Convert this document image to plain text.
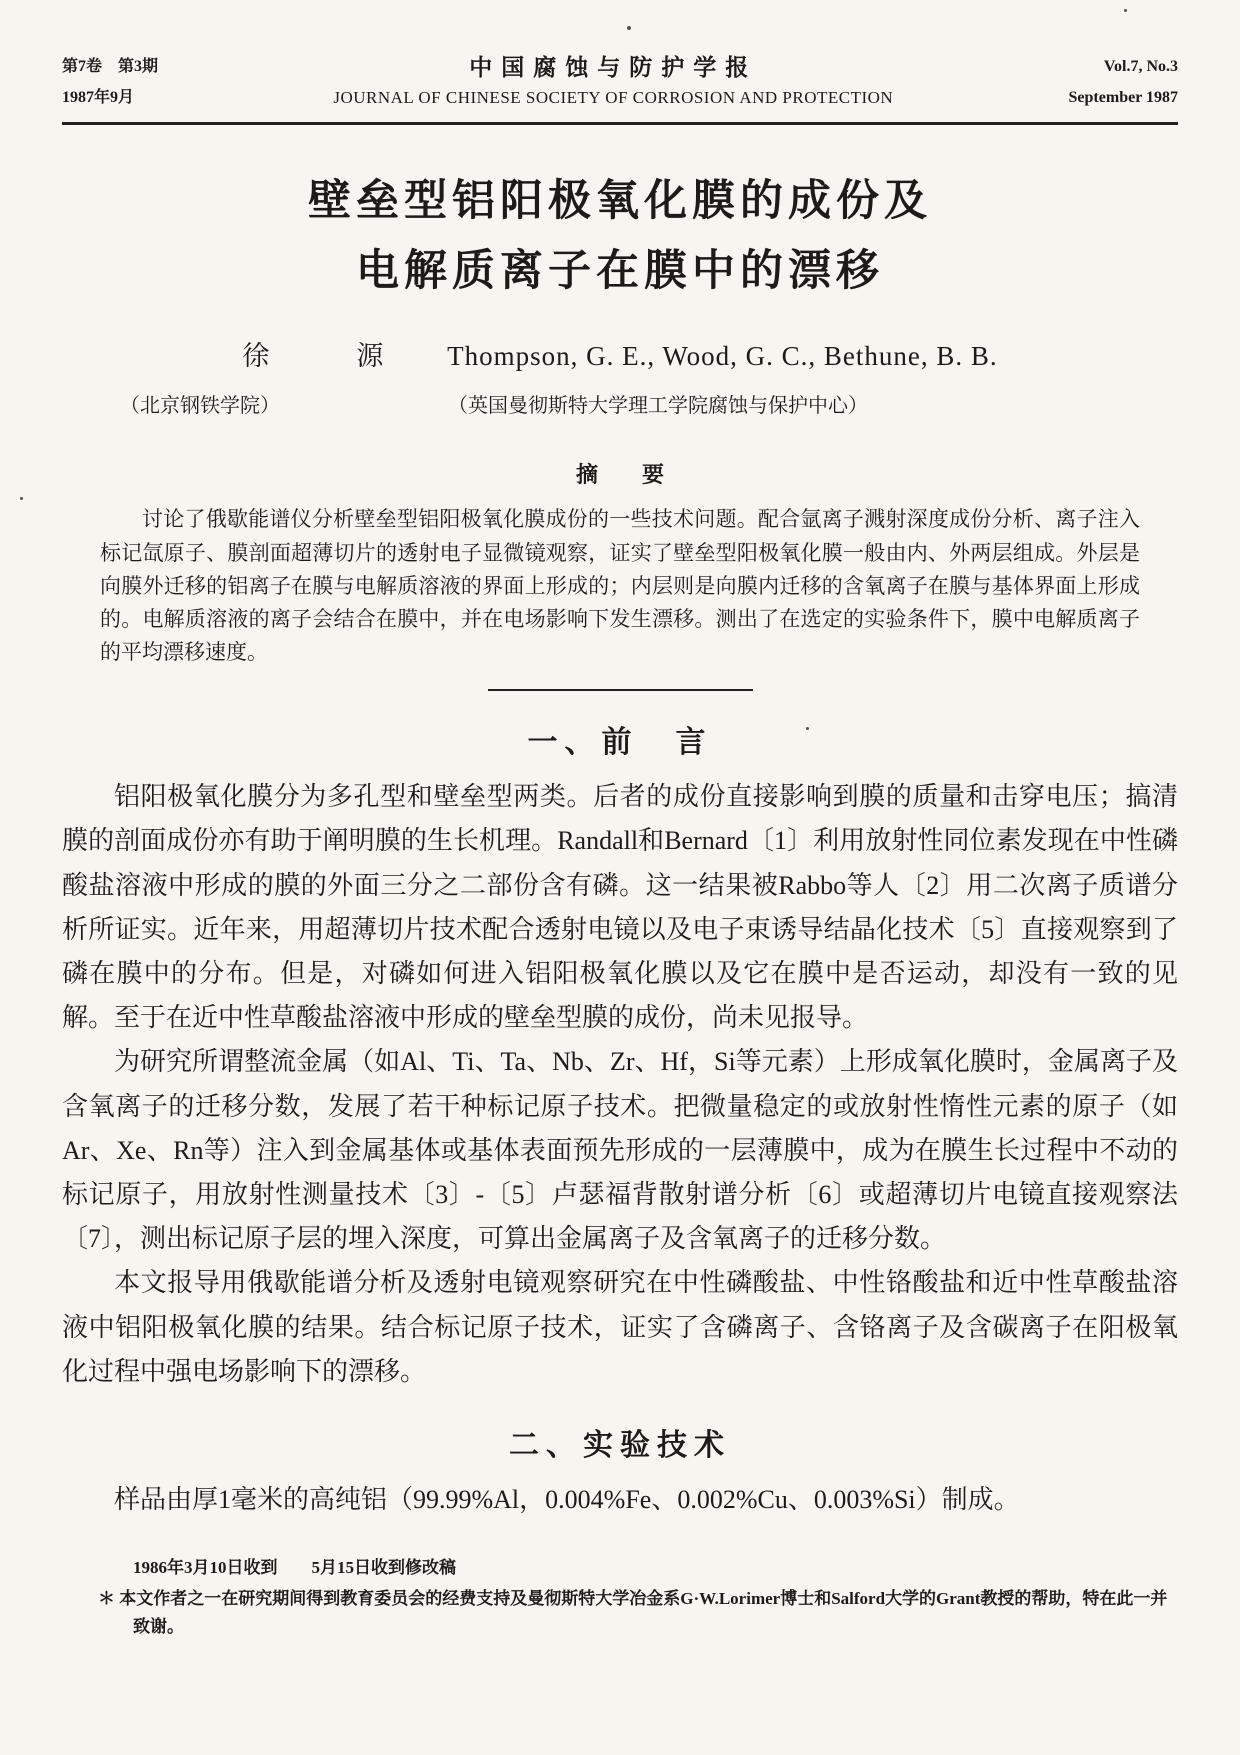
第7卷　第3期
1987年9月
中国腐蚀与防护学报
JOURNAL OF CHINESE SOCIETY OF CORROSION AND PROTECTION
Vol.7, No.3
September 1987
壁垒型铝阳极氧化膜的成份及
电解质离子在膜中的漂移
徐　源 Thompson, G. E., Wood, G. C., Bethune, B. B.
（北京钢铁学院）	（英国曼彻斯特大学理工学院腐蚀与保护中心）
摘　　要

讨论了俄歇能谱仪分析壁垒型铝阳极氧化膜成份的一些技术问题。配合氩离子溅射深度成份分析、离子注入标记氙原子、膜剖面超薄切片的透射电子显微镜观察，证实了壁垒型阳极氧化膜一般由内、外两层组成。外层是向膜外迁移的铝离子在膜与电解质溶液的界面上形成的；内层则是向膜内迁移的含氧离子在膜与基体界面上形成的。电解质溶液的离子会结合在膜中，并在电场影响下发生漂移。测出了在选定的实验条件下，膜中电解质离子的平均漂移速度。

一、前　言

铝阳极氧化膜分为多孔型和壁垒型两类。后者的成份直接影响到膜的质量和击穿电压；搞清膜的剖面成份亦有助于阐明膜的生长机理。Randall和Bernard〔1〕利用放射性同位素发现在中性磷酸盐溶液中形成的膜的外面三分之二部份含有磷。这一结果被Rabbo等人〔2〕用二次离子质谱分析所证实。近年来，用超薄切片技术配合透射电镜以及电子束诱导结晶化技术〔5〕直接观察到了磷在膜中的分布。但是，对磷如何进入铝阳极氧化膜以及它在膜中是否运动，却没有一致的见解。至于在近中性草酸盐溶液中形成的壁垒型膜的成份，尚未见报导。

为研究所谓整流金属（如Al、Ti、Ta、Nb、Zr、Hf，Si等元素）上形成氧化膜时，金属离子及含氧离子的迁移分数，发展了若干种标记原子技术。把微量稳定的或放射性惰性元素的原子（如Ar、Xe、Rn等）注入到金属基体或基体表面预先形成的一层薄膜中，成为在膜生长过程中不动的标记原子，用放射性测量技术〔3〕-〔5〕卢瑟福背散射谱分析〔6〕或超薄切片电镜直接观察法〔7〕，测出标记原子层的埋入深度，可算出金属离子及含氧离子的迁移分数。

本文报导用俄歇能谱分析及透射电镜观察研究在中性磷酸盐、中性铬酸盐和近中性草酸盐溶液中铝阳极氧化膜的结果。结合标记原子技术，证实了含磷离子、含铬离子及含碳离子在阳极氧化过程中强电场影响下的漂移。

二、实验技术

样品由厚1毫米的高纯铝（99.99%Al，0.004%Fe、0.002%Cu、0.003%Si）制成。

1986年3月10日收到　　5月15日收到修改稿

＊ 本文作者之一在研究期间得到教育委员会的经费支持及曼彻斯特大学冶金系G·W.Lorimer博士和Salford大学的Grant教授的帮助，特在此一并致谢。
